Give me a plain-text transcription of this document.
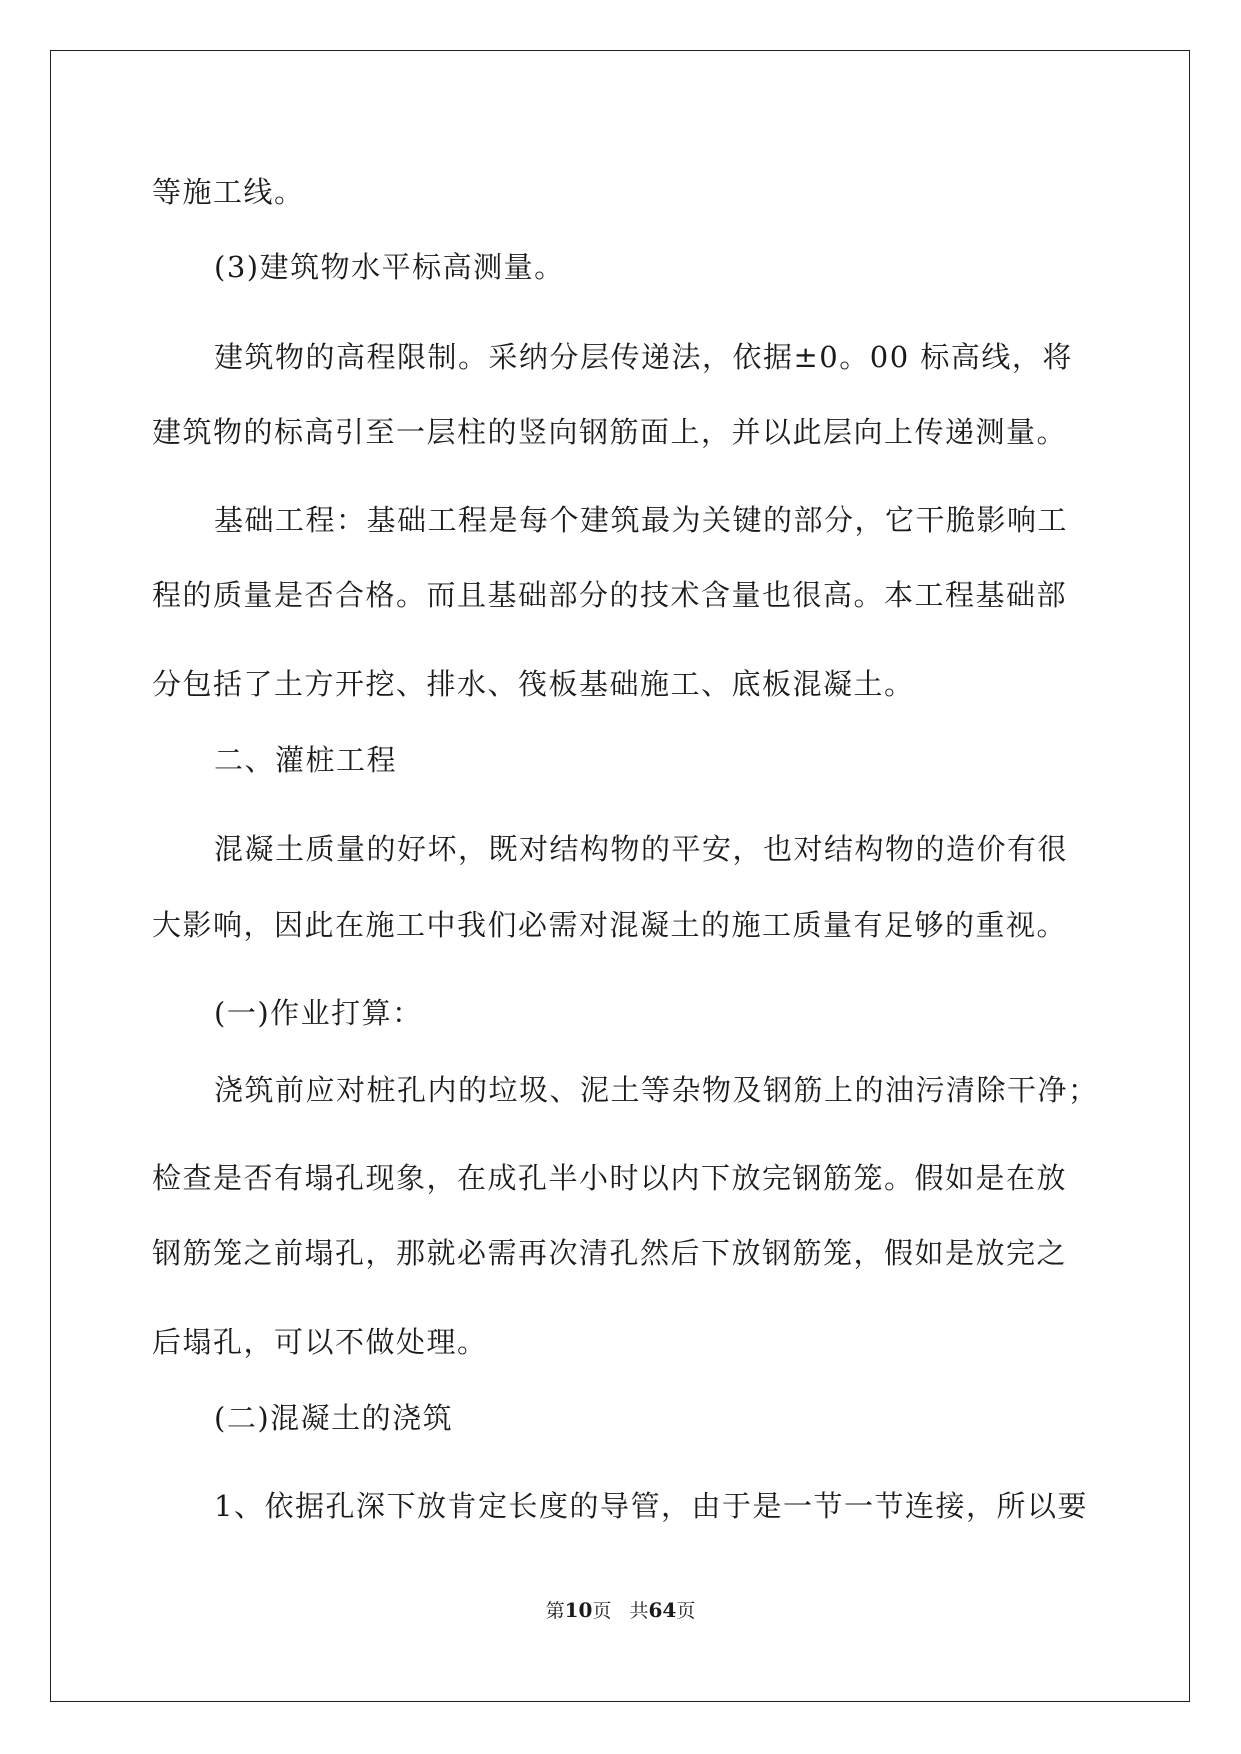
等施工线。
(3)建筑物水平标高测量。
建筑物的高程限制。采纳分层传递法，依据±0。00 标高线，将
建筑物的标高引至一层柱的竖向钢筋面上，并以此层向上传递测量。
基础工程：基础工程是每个建筑最为关键的部分，它干脆影响工
程的质量是否合格。而且基础部分的技术含量也很高。本工程基础部
分包括了土方开挖、排水、筏板基础施工、底板混凝土。
二、灌桩工程
混凝土质量的好坏，既对结构物的平安，也对结构物的造价有很
大影响，因此在施工中我们必需对混凝土的施工质量有足够的重视。
(一)作业打算：
浇筑前应对桩孔内的垃圾、泥土等杂物及钢筋上的油污清除干净；
检查是否有塌孔现象，在成孔半小时以内下放完钢筋笼。假如是在放
钢筋笼之前塌孔，那就必需再次清孔然后下放钢筋笼，假如是放完之
后塌孔，可以不做处理。
(二)混凝土的浇筑
1、依据孔深下放肯定长度的导管，由于是一节一节连接，所以要
第10页 共64页
